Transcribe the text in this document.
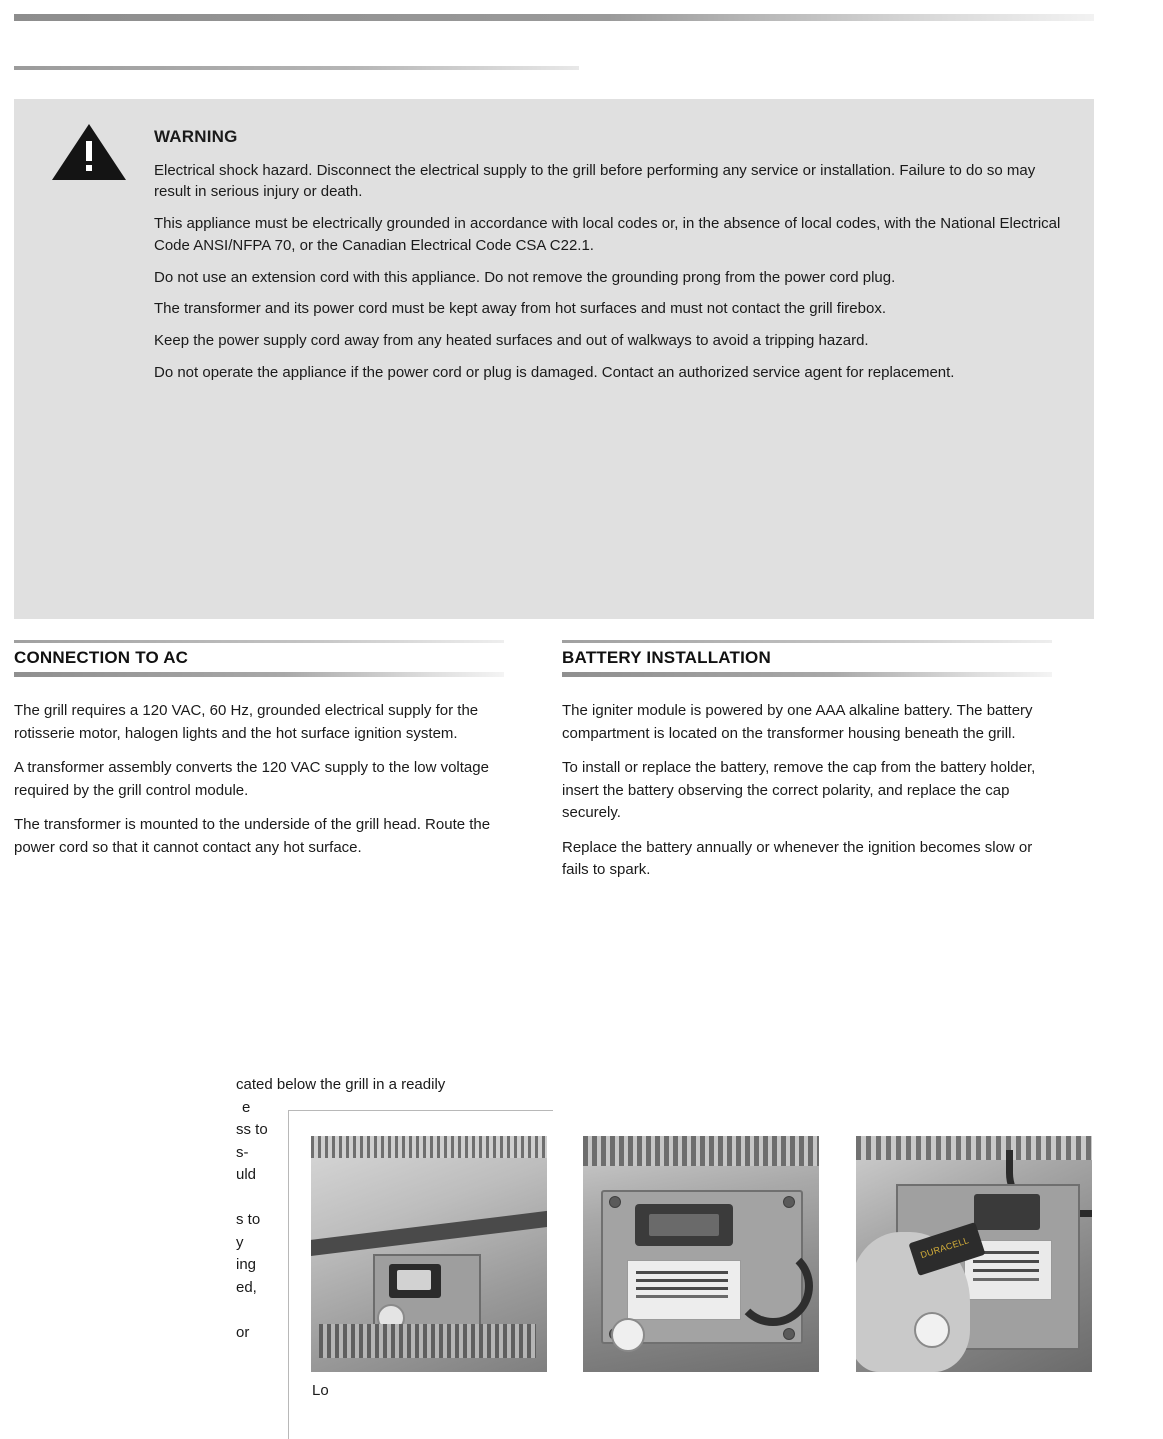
WARNING
Electrical shock hazard. Disconnect the electrical supply to the grill before performing any service or installation. Failure to do so may result in serious injury or death.
This appliance must be electrically grounded in accordance with local codes or, in the absence of local codes, with the National Electrical Code ANSI/NFPA 70, or the Canadian Electrical Code CSA C22.1.
Do not use an extension cord with this appliance. Do not remove the grounding prong from the power cord plug.
The transformer and its power cord must be kept away from hot surfaces and must not contact the grill firebox.
Keep the power supply cord away from any heated surfaces and out of walkways to avoid a tripping hazard.
Do not operate the appliance if the power cord or plug is damaged. Contact an authorized service agent for replacement.
CONNECTION TO AC

The grill requires a 120 VAC, 60 Hz, grounded electrical supply for the rotisserie motor, halogen lights and the hot surface ignition system.

A transformer assembly converts the 120 VAC supply to the low voltage required by the grill control module.

The transformer is mounted to the underside of the grill head. Route the power cord so that it cannot contact any hot surface.

BATTERY INSTALLATION

The igniter module is powered by one AAA alkaline battery. The battery compartment is located on the transformer housing beneath the grill.

To install or replace the battery, remove the cap from the battery holder, insert the battery observing the correct polarity, and replace the cap securely.

Replace the battery annually or whenever the ignition becomes slow or fails to spark.

cated below the grill in a readily
e
ss to
s-
uld
s to
y
ing
ed,
or
Lo
DURACELL
